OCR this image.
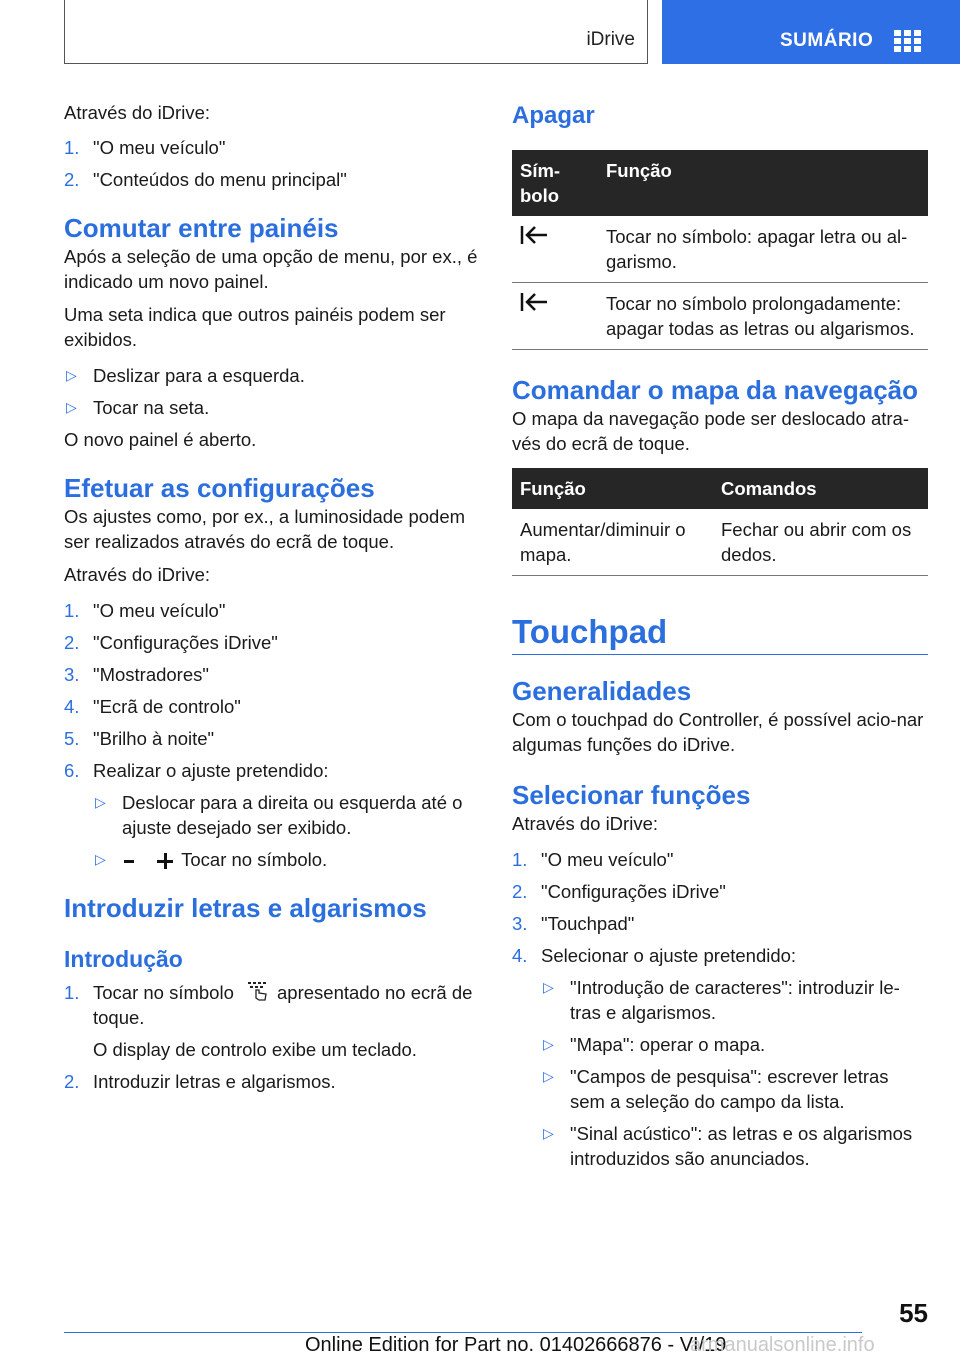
iDrive	SUMÁRIO

Através do iDrive:

1. "O meu veículo"
2. "Conteúdos do menu principal"
Comutar entre painéis

Após a seleção de uma opção de menu, por ex., é indicado um novo painel.

Uma seta indica que outros painéis podem ser exibidos.

▷ Deslizar para a esquerda.
▷ Tocar na seta.

O novo painel é aberto.

Efetuar as configurações

Os ajustes como, por ex., a luminosidade podem ser realizados através do ecrã de toque.

Através do iDrive:

1. "O meu veículo"
2. "Configurações iDrive"
3. "Mostradores"
4. "Ecrã de controlo"
5. "Brilho à noite"
6. Realizar o ajuste pretendido:
▷ Deslocar para a direita ou esquerda até o ajuste desejado ser exibido.
▷
	Tocar no símbolo.
Introduzir letras e algarismos
Introdução
1. Tocar no símbolo apresentado no ecrã de toque.

O display de controlo exibe um teclado.

2. Introduzir letras e algarismos.
Apagar
Sím-bolo	Função
	Tocar no símbolo: apagar letra ou al-garismo.
	Tocar no símbolo prolongadamente: apagar todas as letras ou algarismos.
Comandar o mapa da navegação

O mapa da navegação pode ser deslocado atra-vés do ecrã de toque.

Função	Comandos
Aumentar/diminuir o mapa.	Fechar ou abrir com os dedos.
Touchpad
Generalidades

Com o touchpad do Controller, é possível acio-nar algumas funções do iDrive.

Selecionar funções

Através do iDrive:

1. "O meu veículo"
2. "Configurações iDrive"
3. "Touchpad"
4. Selecionar o ajuste pretendido:
▷ "Introdução de caracteres": introduzir le-tras e algarismos.
▷ "Mapa": operar o mapa.
▷ "Campos de pesquisa": escrever letras sem a seleção do campo da lista.
▷ "Sinal acústico": as letras e os algarismos introduzidos são anunciados.
55
Online Edition for Part no. 01402666876 - VI/19
armanualsonline.info
